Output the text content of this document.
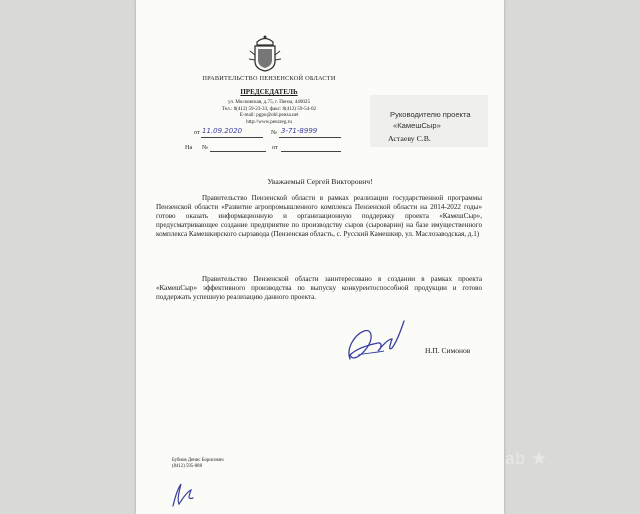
ПРАВИТЕЛЬСТВО ПЕНЗЕНСКОЙ ОБЛАСТИ
ПРЕДСЕДАТЕЛЬ
ул. Московская, д.75, г. Пенза, 440025
Тел.: 8(412) 59-23-33, факс: 8(412) 59-54-02
E-mail: pgpo@obl.penza.net
http://www.penzreg.ru
Руководителю проекта
«КамешСыр»
Астаеву С.В.
от 11.09.2020	№ 3-71-8999
На №	от
Уважаемый Сергей Викторович!
Правительство Пензенской области в рамках реализации государственной программы Пензенской области «Развитие агропромышленного комплекса Пензенской области на 2014-2022 годы» готово оказать информационную и организационную поддержку проекта «КамешСыр», предусматривающее создание предприятие по производству сыров (сыроварни) на базе имущественного комплекса Камешкирского сырзавода (Пензенская область, с. Русский Камешкир, ул. Маслозаводская, д.1)
Правительство Пензенской области заинтересовано в создании в рамках проекта «КамешСыр» эффективного производства по выпуску конкурентоспособной продукции и готово поддержать успешную реализацию данного проекта.
Н.П. Симонов
Бубнов Денис Борисович
(8412) 595-888	ab ★
